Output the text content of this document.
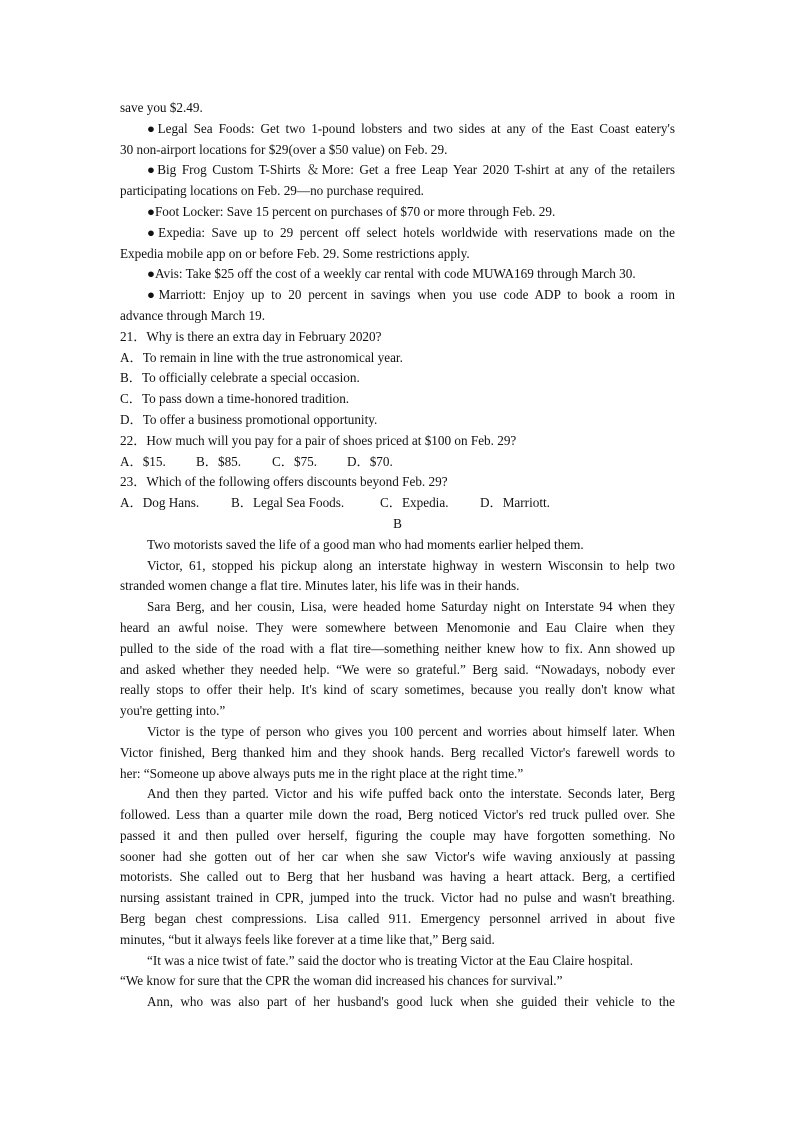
save you $2.49.
●Legal Sea Foods: Get two 1-pound lobsters and two sides at any of the East Coast eatery's
30 non-airport locations for $29(over a $50 value) on Feb. 29.
●Big Frog Custom T-Shirts ＆More: Get a free Leap Year 2020 T-shirt at any of the retailers
participating locations on Feb. 29—no purchase required.
●Foot Locker: Save 15 percent on purchases of $70 or more through Feb. 29.
●Expedia: Save up to 29 percent off select hotels worldwide with reservations made on the
Expedia mobile app on or before Feb. 29. Some restrictions apply.
●Avis: Take $25 off the cost of a weekly car rental with code MUWA169 through March 30.
●Marriott: Enjoy up to 20 percent in savings when you use code ADP to book a room in
advance through March 19.
21．Why is there an extra day in February 2020?
A．To remain in line with the true astronomical year.
B．To officially celebrate a special occasion.
C．To pass down a time-honored tradition.
D．To offer a business promotional opportunity.
22．How much will you pay for a pair of shoes priced at $100 on Feb. 29?
A．$15. B．$85. C．$75. D．$70.
23．Which of the following offers discounts beyond Feb. 29?
A．Dog Hans. B．Legal Sea Foods.	C．Expedia. D．Marriott.
B
Two motorists saved the life of a good man who had moments earlier helped them.
Victor, 61, stopped his pickup along an interstate highway in western Wisconsin to help two
stranded women change a flat tire. Minutes later, his life was in their hands.
Sara Berg, and her cousin, Lisa, were headed home Saturday night on Interstate 94 when they
heard an awful noise. They were somewhere between Menomonie and Eau Claire when they
pulled to the side of the road with a flat tire—something neither knew how to fix. Ann showed up
and asked whether they needed help. “We were so grateful.” Berg said. “Nowadays, nobody ever
really stops to offer their help. It's kind of scary sometimes, because you really don't know what
you're getting into.”
Victor is the type of person who gives you 100 percent and worries about himself later. When
Victor finished, Berg thanked him and they shook hands. Berg recalled Victor's farewell words to
her: “Someone up above always puts me in the right place at the right time.”
And then they parted. Victor and his wife puffed back onto the interstate. Seconds later, Berg
followed. Less than a quarter mile down the road, Berg noticed Victor's red truck pulled over. She
passed it and then pulled over herself, figuring the couple may have forgotten something. No
sooner had she gotten out of her car when she saw Victor's wife waving anxiously at passing
motorists. She called out to Berg that her husband was having a heart attack. Berg, a certified
nursing assistant trained in CPR, jumped into the truck. Victor had no pulse and wasn't breathing.
Berg began chest compressions. Lisa called 911. Emergency personnel arrived in about five
minutes, “but it always feels like forever at a time like that,” Berg said.
“It was a nice twist of fate.” said the doctor who is treating Victor at the Eau Claire hospital.
“We know for sure that the CPR the woman did increased his chances for survival.”
Ann, who was also part of her husband's good luck when she guided their vehicle to the
